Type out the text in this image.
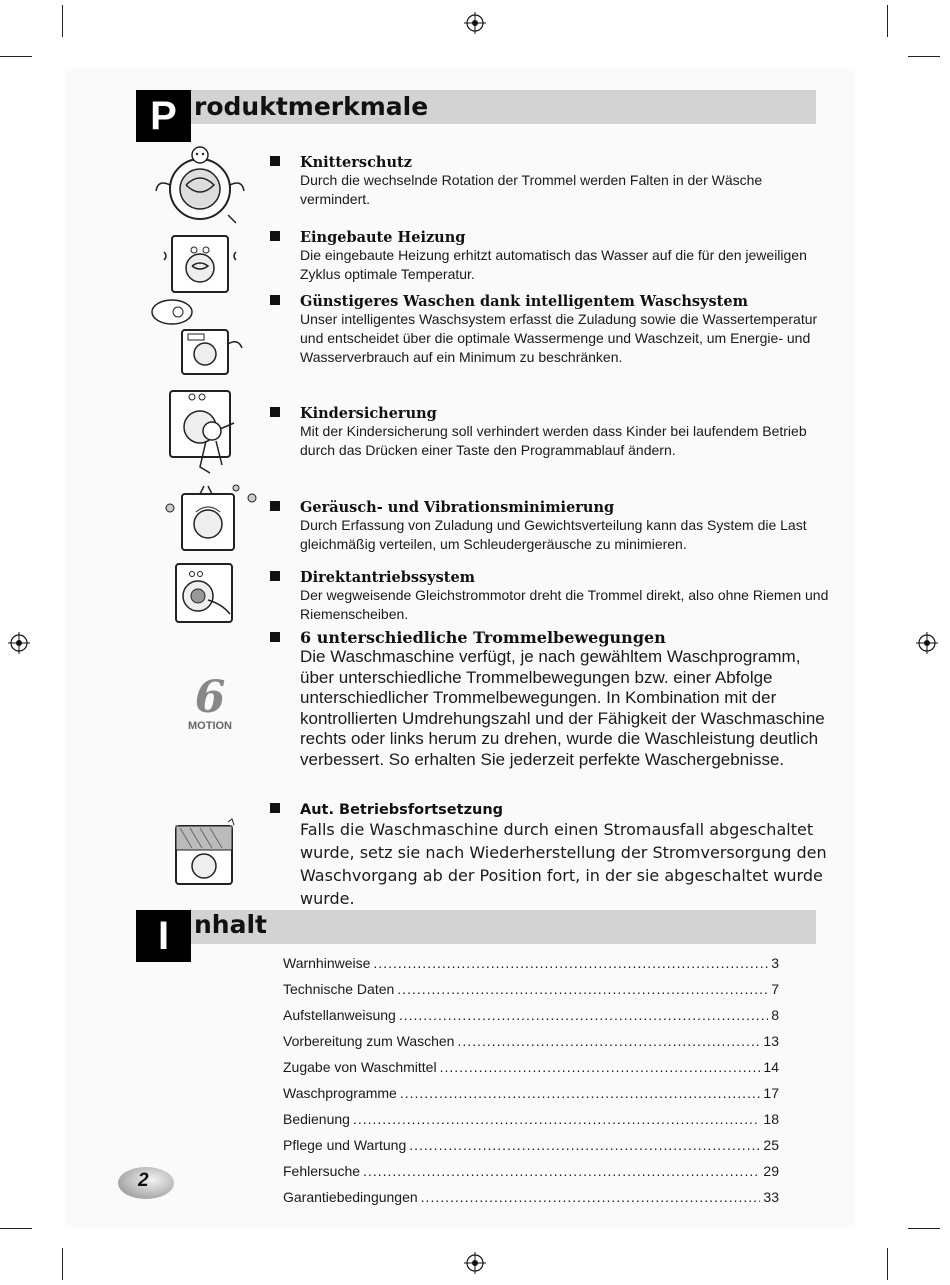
P roduktmerkmale
6
MOTION
Knitterschutz
Durch die wechselnde Rotation der Trommel werden Falten in der Wäsche vermindert.
Eingebaute Heizung
Die eingebaute Heizung erhitzt automatisch das Wasser auf die für den jeweiligen Zyklus optimale Temperatur.
Günstigeres Waschen dank intelligentem Waschsystem
Unser intelligentes Waschsystem erfasst die Zuladung sowie die Wassertemperatur und entscheidet über die optimale Wassermenge und Waschzeit, um Energie- und Wasserverbrauch auf ein Minimum zu beschränken.
Kindersicherung
Mit der Kindersicherung soll verhindert werden dass Kinder bei laufendem Betrieb durch das Drücken einer Taste den Programmablauf ändern.
Geräusch- und Vibrationsminimierung
Durch Erfassung von Zuladung und Gewichtsverteilung kann das System die Last gleichmäßig verteilen, um Schleudergeräusche zu minimieren.
Direktantriebssystem
Der wegweisende Gleichstrommotor dreht die Trommel direkt, also ohne Riemen und Riemenscheiben.
6 unterschiedliche Trommelbewegungen
Die Waschmaschine verfügt, je nach gewähltem Waschprogramm, über unterschiedliche Trommelbewegungen bzw. einer Abfolge unterschiedlicher Trommelbewegungen. In Kombination mit der kontrollierten Umdrehungszahl und der Fähigkeit der Waschmaschine rechts oder links herum zu drehen, wurde die Waschleistung deutlich verbessert. So erhalten Sie jederzeit perfekte Waschergebnisse.
Aut. Betriebsfortsetzung
Falls die Waschmaschine durch einen Stromausfall abgeschaltet wurde, setz sie nach Wiederherstellung der Stromversorgung den Waschvorgang ab der Position fort, in der sie abgeschaltet wurde wurde.
I nhalt
Warnhinweise .....	3
Technische Daten .....	7
Aufstellanweisung .....	8
Vorbereitung zum Waschen .....	13
Zugabe von Waschmittel .....	14
Waschprogramme .....	17
Bedienung .....	18
Pflege und Wartung .....	25
Fehlersuche .....	29
Garantiebedingungen .....	33
2
